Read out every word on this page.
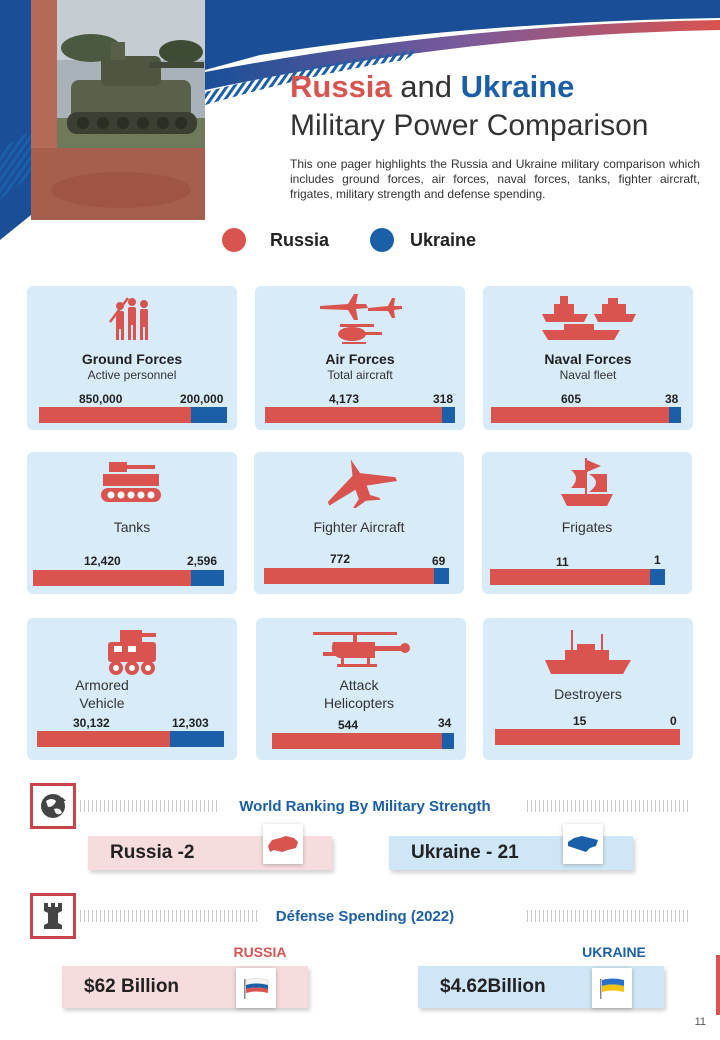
Russia and Ukraine
Military Power Comparison
This one pager highlights the Russia and Ukraine military comparison which includes ground forces, air forces, naval forces, tanks, fighter aircraft, frigates, military strength and defense spending.
Russia	Ukraine
Ground Forces
Active personnel
850,000	200,000
Air Forces
Total aircraft
4,173	318
Naval Forces
Naval fleet
605	38
Tanks
12,420	2,596
Fighter Aircraft
772	69
Frigates
11	1
Armored
Vehicle
30,132	12,303
Attack
Helicopters
544	34
Destroyers
15	0
World Ranking By Military Strength
Russia -2	Ukraine - 21
Défense Spending (2022)
RUSSIA	UKRAINE
$62 Billion	$4.62Billion
11
